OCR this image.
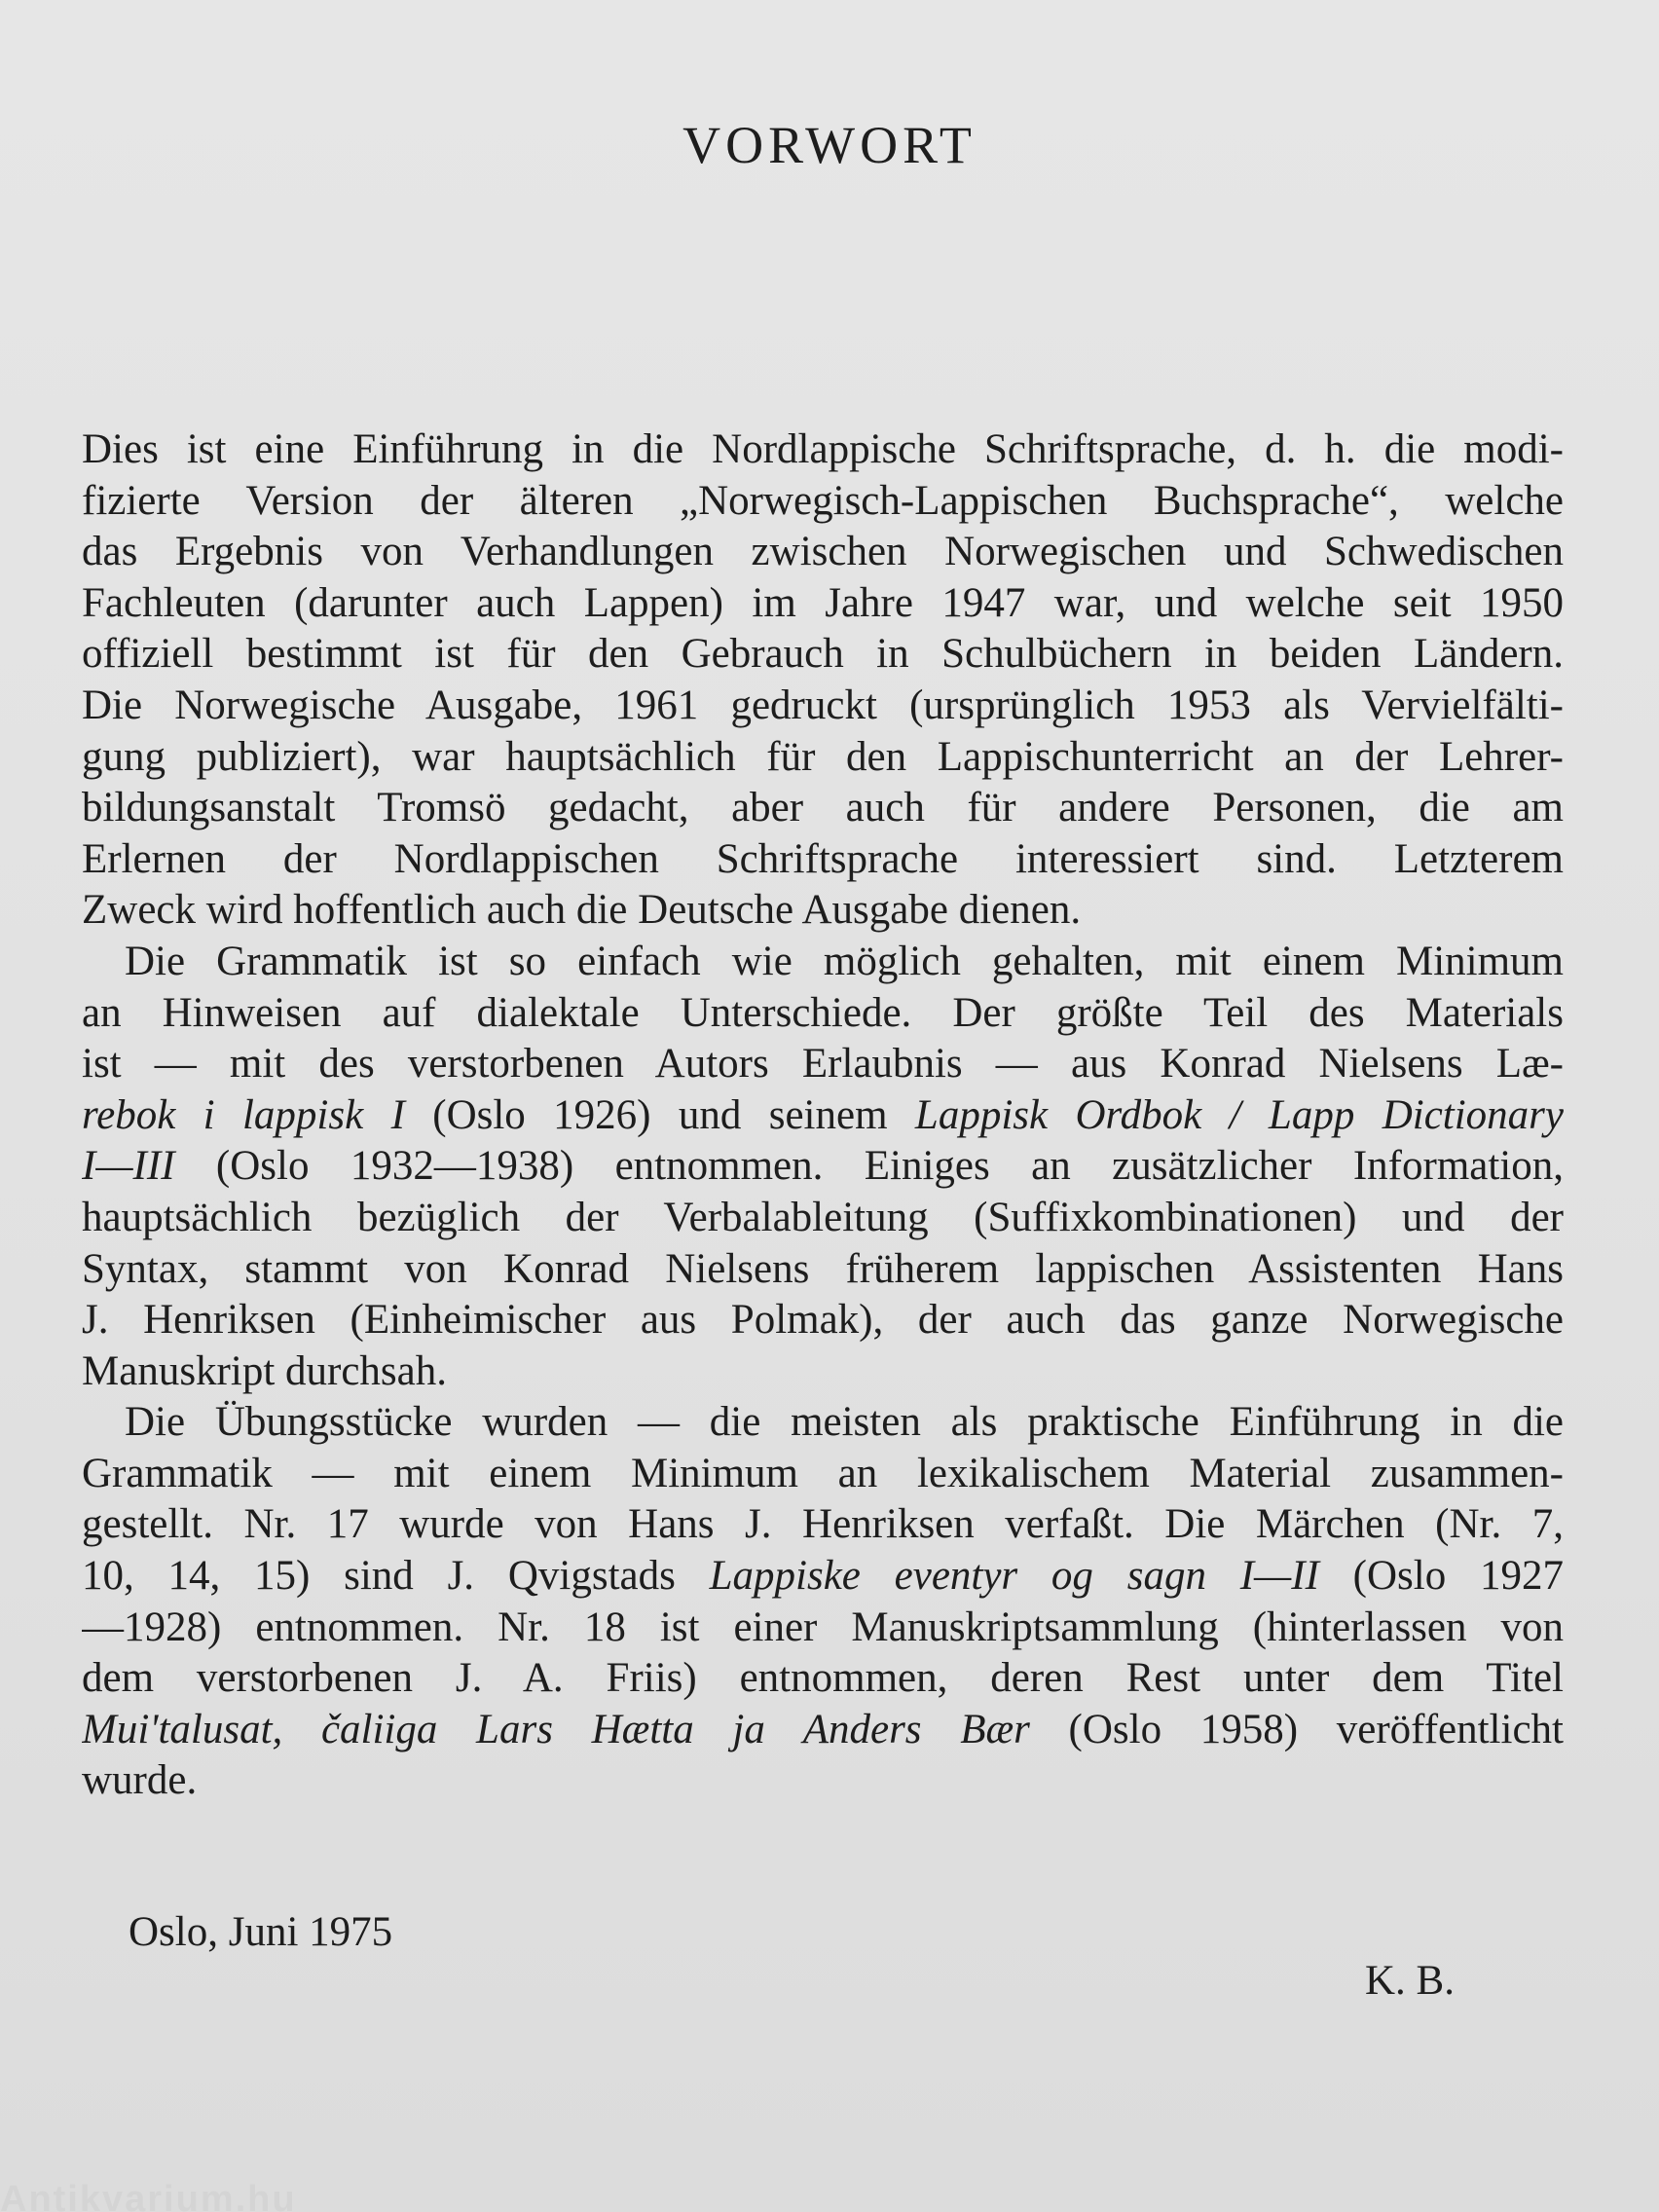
VORWORT
Dies ist eine Einführung in die Nordlappische Schriftsprache, d. h. die modi-
fizierte Version der älteren „Norwegisch-Lappischen Buchsprache“, welche
das Ergebnis von Verhandlungen zwischen Norwegischen und Schwedischen
Fachleuten (darunter auch Lappen) im Jahre 1947 war, und welche seit 1950
offiziell bestimmt ist für den Gebrauch in Schulbüchern in beiden Ländern.
Die Norwegische Ausgabe, 1961 gedruckt (ursprünglich 1953 als Vervielfälti-
gung publiziert), war hauptsächlich für den Lappischunterricht an der Lehrer-
bildungsanstalt Tromsö gedacht, aber auch für andere Personen, die am
Erlernen der Nordlappischen Schriftsprache interessiert sind. Letzterem
Zweck wird hoffentlich auch die Deutsche Ausgabe dienen.
Die Grammatik ist so einfach wie möglich gehalten, mit einem Minimum
an Hinweisen auf dialektale Unterschiede. Der größte Teil des Materials
ist — mit des verstorbenen Autors Erlaubnis — aus Konrad Nielsens Læ-
rebok i lappisk I (Oslo 1926) und seinem Lappisk Ordbok / Lapp Dictionary
I—III (Oslo 1932—1938) entnommen. Einiges an zusätzlicher Information,
hauptsächlich bezüglich der Verbalableitung (Suffixkombinationen) und der
Syntax, stammt von Konrad Nielsens früherem lappischen Assistenten Hans
J. Henriksen (Einheimischer aus Polmak), der auch das ganze Norwegische
Manuskript durchsah.
Die Übungsstücke wurden — die meisten als praktische Einführung in die
Grammatik — mit einem Minimum an lexikalischem Material zusammen-
gestellt. Nr. 17 wurde von Hans J. Henriksen verfaßt. Die Märchen (Nr. 7,
10, 14, 15) sind J. Qvigstads Lappiske eventyr og sagn I—II (Oslo 1927
—1928) entnommen. Nr. 18 ist einer Manuskriptsammlung (hinterlassen von
dem verstorbenen J. A. Friis) entnommen, deren Rest unter dem Titel
Mui'talusat, čaliiga Lars Hætta ja Anders Bær (Oslo 1958) veröffentlicht
wurde.
Oslo, Juni 1975
K. B.
Antikvarium.hu
